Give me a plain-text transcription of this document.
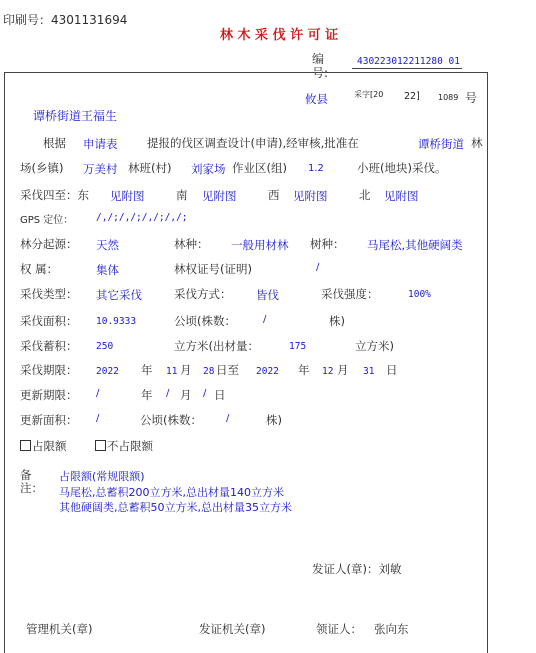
印刷号：4301131694
林 木 采 伐 许 可 证
编号:
430223012211280 01
攸县	采字[20 22] 1089 号
谭桥街道王福生
根据 申请表	提报的伐区调查设计(申请),经审核,批准在	谭桥街道 林
场(乡镇) 万美村 林班(村) 刘家场 作业区(组) 1.2	小班(地块)采伐。
采伐四至：东 见附图	南 见附图	西 见附图	北 见附图
GPS 定位： /,/;/,/;/,/;/,/;
林分起源： 天然	林种： 一般用材林 树种： 马尾松,其他硬阔类
权 属：	集体	林权证号(证明)	/
采伐类型： 其它采伐	采伐方式： 皆伐	采伐强度：	100%
采伐面积： 10.9333	公顷(株数：	/	株)
采伐蓄积： 250	立方米(出材量：	175	立方米)
采伐期限： 2022 年 11 月 28 日至 2022 年 12 月 31 日
更新期限： /	年 / 月 / 日
更新面积： /	公顷(株数： /	株)
占限额	不占限额
备
注：
占限额(常规限额)
马尾松,总蓄积200立方米,总出材量140立方米
其他硬阔类,总蓄积50立方米,总出材量35立方米
发证人(章)：刘敏
管理机关(章)	发证机关(章)	领证人： 张向东
